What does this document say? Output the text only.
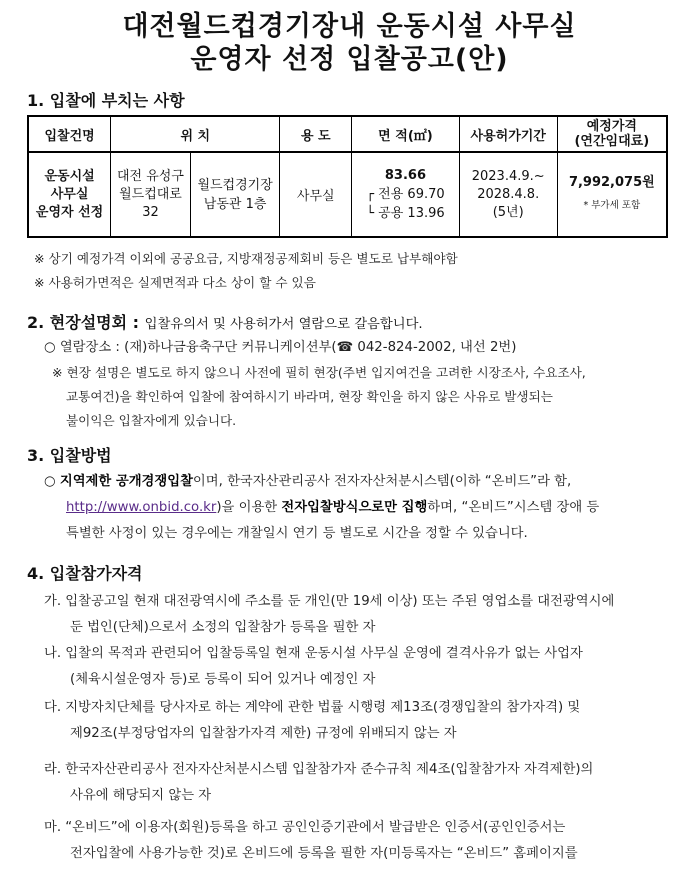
대전월드컵경기장내 운동시설 사무실
운영자 선정 입찰공고(안)
1. 입찰에 부치는 사항
입찰건명	위 치		용 도	면 적(㎡)	사용허가기간	예정가격
(연간임대료)
운동시설
사무실
운영자 선정	대전 유성구
월드컵대로
32	월드컵경기장
남동관 1층	사무실	83.66
┌ 전용 69.70
└ 공용 13.96	2023.4.9.~
2028.4.8.
(5년)	7,992,075원
* 부가세 포함
※ 상기 예정가격 이외에 공공요금, 지방재정공제회비 등은 별도로 납부해야함
※ 사용허가면적은 실제면적과 다소 상이 할 수 있음
2. 현장설명회 : 입찰유의서 및 사용허가서 열람으로 갈음합니다.
○ 열람장소 : (재)하나금융축구단 커뮤니케이션부(☎ 042-824-2002, 내선 2번)
※ 현장 설명은 별도로 하지 않으니 사전에 필히 현장(주변 입지여건을 고려한 시장조사, 수요조사,
교통여건)을 확인하여 입찰에 참여하시기 바라며, 현장 확인을 하지 않은 사유로 발생되는
불이익은 입찰자에게 있습니다.
3. 입찰방법
○ 지역제한 공개경쟁입찰이며, 한국자산관리공사 전자자산처분시스템(이하 “온비드”라 함,
http://www.onbid.co.kr)을 이용한 전자입찰방식으로만 집행하며, “온비드”시스템 장애 등
특별한 사정이 있는 경우에는 개찰일시 연기 등 별도로 시간을 정할 수 있습니다.
4. 입찰참가자격
가. 입찰공고일 현재 대전광역시에 주소를 둔 개인(만 19세 이상) 또는 주된 영업소를 대전광역시에
둔 법인(단체)으로서 소정의 입찰참가 등록을 필한 자
나. 입찰의 목적과 관련되어 입찰등록일 현재 운동시설 사무실 운영에 결격사유가 없는 사업자
(체육시설운영자 등)로 등록이 되어 있거나 예정인 자
다. 지방자치단체를 당사자로 하는 계약에 관한 법률 시행령 제13조(경쟁입찰의 참가자격) 및
제92조(부정당업자의 입찰참가자격 제한) 규정에 위배되지 않는 자
라. 한국자산관리공사 전자자산처분시스템 입찰참가자 준수규칙 제4조(입찰참가자 자격제한)의
사유에 해당되지 않는 자
마. “온비드”에 이용자(회원)등록을 하고 공인인증기관에서 발급받은 인증서(공인인증서는
전자입찰에 사용가능한 것)로 온비드에 등록을 필한 자(미등록자는 “온비드” 홈페이지를
